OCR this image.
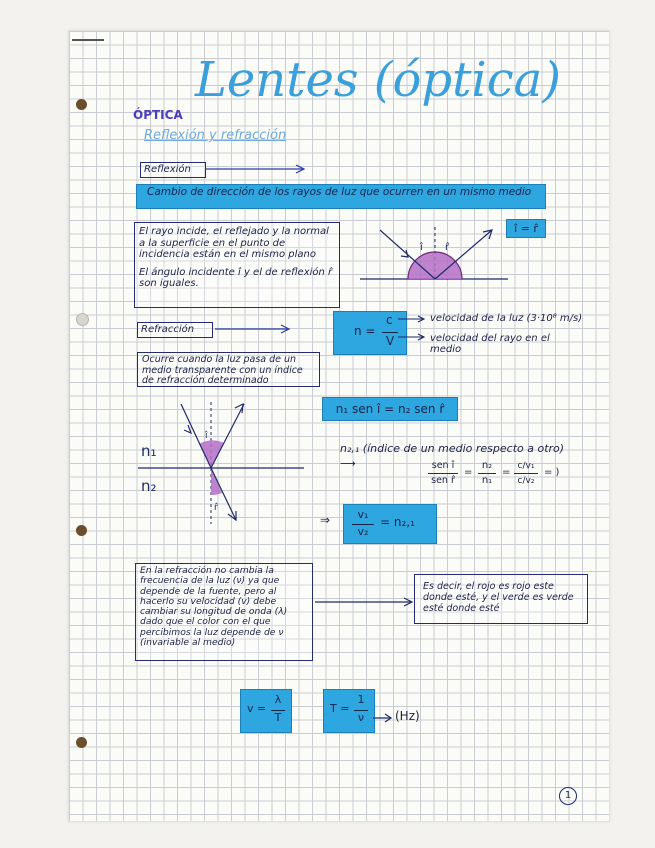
Lentes (óptica)
ÓPTICA
Reflexión y refracción
Reflexión
Cambio de dirección de los rayos de luz que ocurren en un mismo medio
El rayo incide, el reflejado y la normal a la superficie en el punto de incidencia están en el mismo plano
El ángulo incidente î y el de reflexión r̂ son iguales.
î r̂
î = r̂
Refracción	n =
c
V
velocidad de la luz (3·10⁸ m/s)
velocidad del rayo en el medio
Ocurre cuando la luz pasa de un medio transparente con un índice de refracción determinado
n₁ sen î = n₂ sen r̂
n₁
n₂
î
r̂
n₂,₁ (índice de un medio respecto a otro) ⟶	sen î
sen r̂
=
n₂
n₁
=
c/v₁
c/v₂
= )
⇒	v₁
v₂
= n₂,₁
En la refracción no cambia la frecuencia de la luz (ν) ya que depende de la fuente, pero al hacerlo su velocidad (v) debe cambiar su longitud de onda (λ) dado que el color con el que percibimos la luz depende de ν (invariable al medio)
Es decir, el rojo es rojo este donde esté, y el verde es verde esté donde esté
v =
λ
T
T =
1
ν	(Hz)
1
